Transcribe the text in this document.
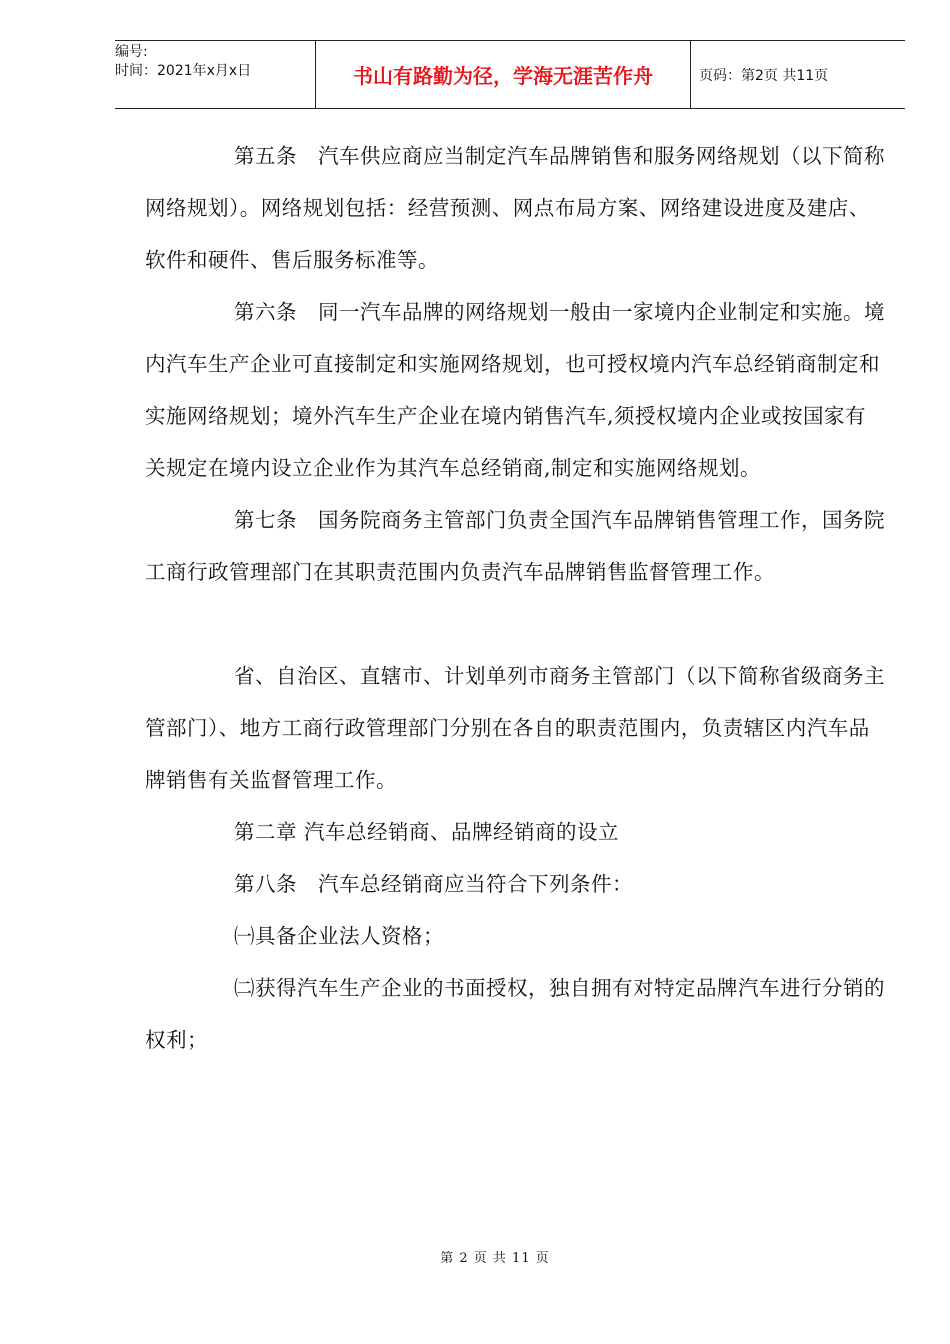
编号:
时间：2021年x月x日	书山有路勤为径，学海无涯苦作舟	页码：第2页 共11页

第五条　汽车供应商应当制定汽车品牌销售和服务网络规划（以下简称网络规划）。网络规划包括：经营预测、网点布局方案、网络建设进度及建店、软件和硬件、售后服务标准等。

第六条　同一汽车品牌的网络规划一般由一家境内企业制定和实施。境内汽车生产企业可直接制定和实施网络规划，也可授权境内汽车总经销商制定和实施网络规划；境外汽车生产企业在境内销售汽车,须授权境内企业或按国家有关规定在境内设立企业作为其汽车总经销商,制定和实施网络规划。

第七条　国务院商务主管部门负责全国汽车品牌销售管理工作，国务院工商行政管理部门在其职责范围内负责汽车品牌销售监督管理工作。

省、自治区、直辖市、计划单列市商务主管部门（以下简称省级商务主管部门）、地方工商行政管理部门分别在各自的职责范围内，负责辖区内汽车品牌销售有关监督管理工作。

第二章 汽车总经销商、品牌经销商的设立

第八条　汽车总经销商应当符合下列条件：

㈠具备企业法人资格；

㈡获得汽车生产企业的书面授权，独自拥有对特定品牌汽车进行分销的权利；

第 2 页 共 11 页
